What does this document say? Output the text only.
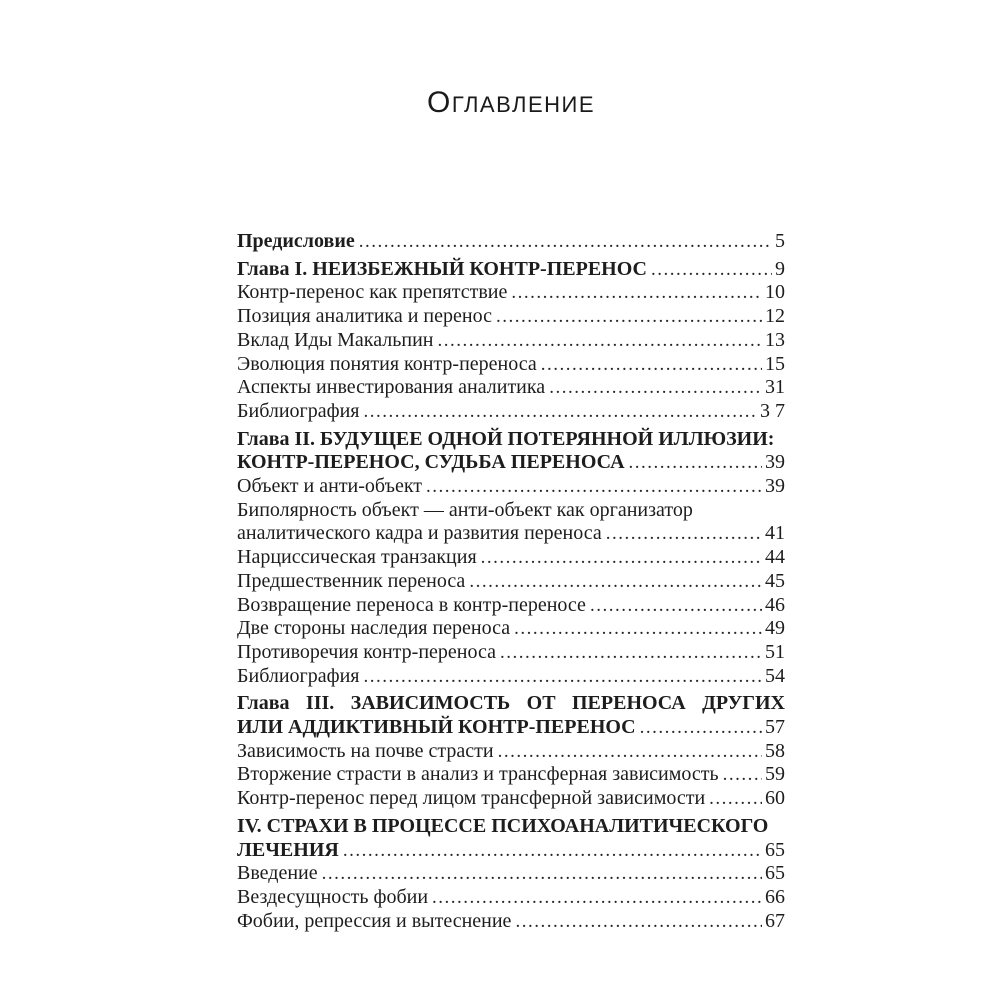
ОГЛАВЛЕНИЕ
Предисловие .....	5
Глава I. НЕИЗБЕЖНЫЙ КОНТР-ПЕРЕНОС .....	9
Контр-перенос как препятствие .....	10
Позиция аналитика и перенос .....	12
Вклад Иды Макальпин .....	13
Эволюция понятия контр-переноса .....	15
Аспекты инвестирования аналитика .....	31
Библиография .....	3 7
Глава II. БУДУЩЕЕ ОДНОЙ ПОТЕРЯННОЙ ИЛЛЮЗИИ:
КОНТР-ПЕРЕНОС, СУДЬБА ПЕРЕНОСА .....	39
Объект и анти-объект .....	39
Биполярность объект — анти-объект как организатор
аналитического кадра и развития переноса .....	41
Нарциссическая транзакция .....	44
Предшественник переноса .....	45
Возвращение переноса в контр-переносе .....	46
Две стороны наследия переноса .....	49
Противоречия контр-переноса .....	51
Библиография .....	54
Глава III. ЗАВИСИМОСТЬ ОТ ПЕРЕНОСА ДРУГИХ
ИЛИ АДДИКТИВНЫЙ КОНТР-ПЕРЕНОС .....	57
Зависимость на почве страсти .....	58
Вторжение страсти в анализ и трансферная зависимость ..... 59
Контр-перенос перед лицом трансферной зависимости .....	60
IV. СТРАХИ В ПРОЦЕССЕ ПСИХОАНАЛИТИЧЕСКОГО
ЛЕЧЕНИЯ .....	65
Введение .....	65
Вездесущность фобии .....	66
Фобии, репрессия и вытеснение .....	67
